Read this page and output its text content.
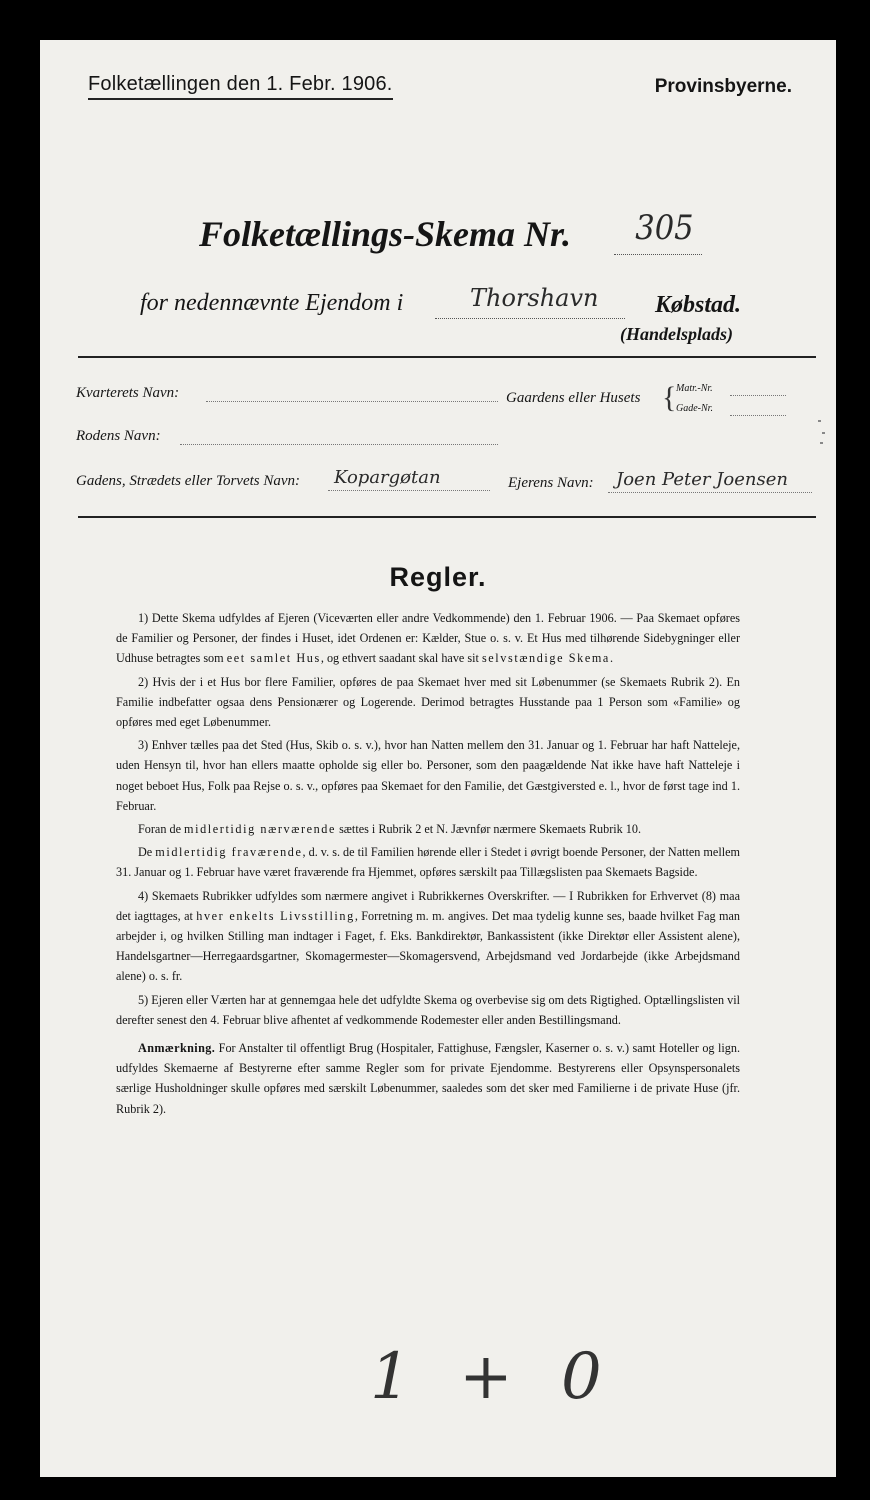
Folketællingen den 1. Febr. 1906.	Provinsbyerne.
Folketællings-Skema Nr. 305
for nedennævnte Ejendom i	Thorshavn Købstad.
(Handelsplads)
Kvarterets Navn:	Gaardens eller Husets { Matr.-Nr.
Gade-Nr.
Rodens Navn:
Gadens, Strædets eller Torvets Navn: Kopargøtan	Ejerens Navn: Joen Peter Joensen
Regler.

1) Dette Skema udfyldes af Ejeren (Viceværten eller andre Vedkommende) den 1. Februar 1906. — Paa Skemaet opføres de Familier og Personer, der findes i Huset, idet Ordenen er: Kælder, Stue o. s. v. Et Hus med tilhørende Sidebygninger eller Udhuse betragtes som eet samlet Hus, og ethvert saadant skal have sit selvstændige Skema.

2) Hvis der i et Hus bor flere Familier, opføres de paa Skemaet hver med sit Løbenummer (se Skemaets Rubrik 2). En Familie indbefatter ogsaa dens Pensionærer og Logerende. Derimod betragtes Husstande paa 1 Person som «Familie» og opføres med eget Løbenummer.

3) Enhver tælles paa det Sted (Hus, Skib o. s. v.), hvor han Natten mellem den 31. Januar og 1. Februar har haft Natteleje, uden Hensyn til, hvor han ellers maatte opholde sig eller bo. Personer, som den paagældende Nat ikke have haft Natteleje i noget beboet Hus, Folk paa Rejse o. s. v., opføres paa Skemaet for den Familie, det Gæstgiversted e. l., hvor de først tage ind 1. Februar.

Foran de midlertidig nærværende sættes i Rubrik 2 et N. Jævnfør nærmere Skemaets Rubrik 10.

De midlertidig fraværende, d. v. s. de til Familien hørende eller i Stedet i øvrigt boende Personer, der Natten mellem 31. Januar og 1. Februar have været fraværende fra Hjemmet, opføres særskilt paa Tillægslisten paa Skemaets Bagside.

4) Skemaets Rubrikker udfyldes som nærmere angivet i Rubrikkernes Overskrifter. — I Rubrikken for Erhvervet (8) maa det iagttages, at hver enkelts Livsstilling, Forretning m. m. angives. Det maa tydelig kunne ses, baade hvilket Fag man arbejder i, og hvilken Stilling man indtager i Faget, f. Eks. Bankdirektør, Bankassistent (ikke Direktør eller Assistent alene), Handelsgartner—Herregaardsgartner, Skomagermester—Skomagersvend, Arbejdsmand ved Jordarbejde (ikke Arbejdsmand alene) o. s. fr.

5) Ejeren eller Værten har at gennemgaa hele det udfyldte Skema og overbevise sig om dets Rigtighed. Optællingslisten vil derefter senest den 4. Februar blive afhentet af vedkommende Rodemester eller anden Bestillingsmand.

Anmærkning. For Anstalter til offentligt Brug (Hospitaler, Fattighuse, Fængsler, Kaserner o. s. v.) samt Hoteller og lign. udfyldes Skemaerne af Bestyrerne efter samme Regler som for private Ejendomme. Bestyrerens eller Opsynspersonalets særlige Husholdninger skulle opføres med særskilt Løbenummer, saaledes som det sker med Familierne i de private Huse (jfr. Rubrik 2).

1 + 0
